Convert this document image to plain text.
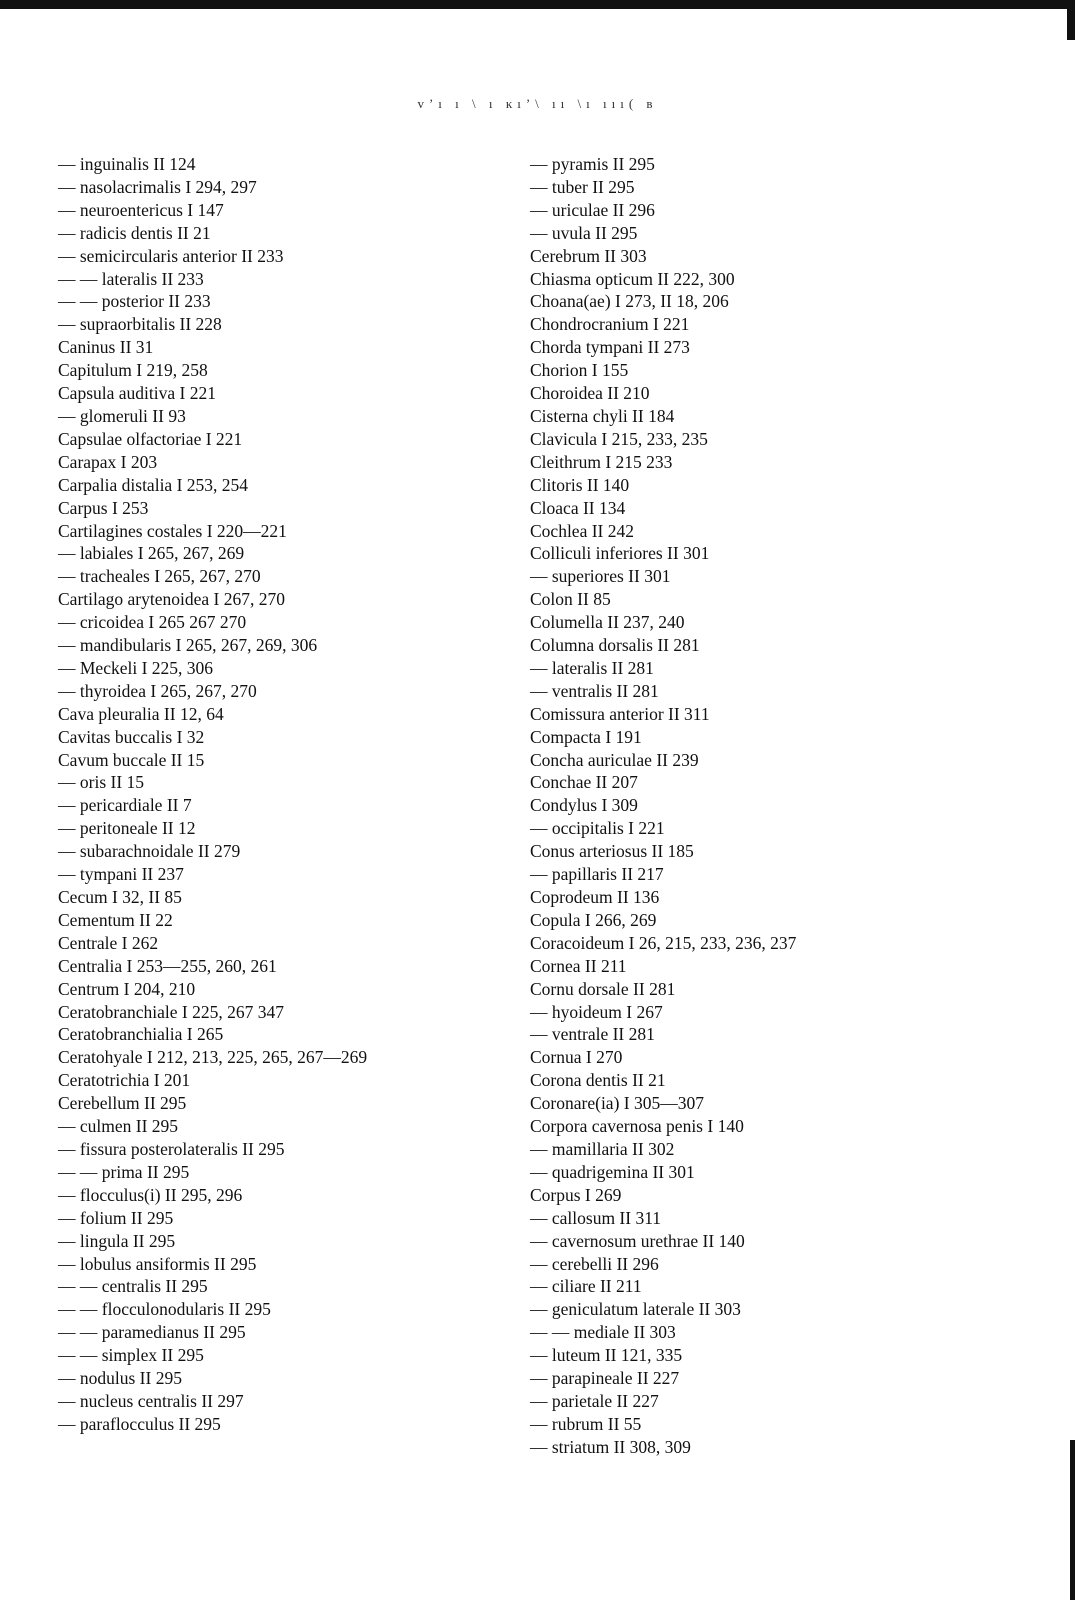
ᴠ’ı ı \ ı ĸı’\ ıı \ı ııı( ʙ
— inguinalis II 124
— nasolacrimalis I 294, 297
— neuroentericus I 147
— radicis dentis II 21
— semicircularis anterior II 233
— — lateralis II 233
— — posterior II 233
— supraorbitalis II 228
Caninus II 31
Capitulum I 219, 258
Capsula auditiva I 221
— glomeruli II 93
Capsulae olfactoriae I 221
Carapax I 203
Carpalia distalia I 253, 254
Carpus I 253
Cartilagines costales I 220—221
— labiales I 265, 267, 269
— tracheales I 265, 267, 270
Cartilago arytenoidea I 267, 270
— cricoidea I 265 267 270
— mandibularis I 265, 267, 269, 306
— Meckeli I 225, 306
— thyroidea I 265, 267, 270
Cava pleuralia II 12, 64
Cavitas buccalis I 32
Cavum buccale II 15
— oris II 15
— pericardiale II 7
— peritoneale II 12
— subarachnoidale II 279
— tympani II 237
Cecum I 32, II 85
Cementum II 22
Centrale I 262
Centralia I 253—255, 260, 261
Centrum I 204, 210
Ceratobranchiale I 225, 267 347
Ceratobranchialia I 265
Ceratohyale I 212, 213, 225, 265, 267—269
Ceratotrichia I 201
Cerebellum II 295
— culmen II 295
— fissura posterolateralis II 295
— — prima II 295
— flocculus(i) II 295, 296
— folium II 295
— lingula II 295
— lobulus ansiformis II 295
— — centralis II 295
— — flocculonodularis II 295
— — paramedianus II 295
— — simplex II 295
— nodulus II 295
— nucleus centralis II 297
— paraflocculus II 295
— pyramis II 295
— tuber II 295
— uriculae II 296
— uvula II 295
Cerebrum II 303
Chiasma opticum II 222, 300
Choana(ae) I 273, II 18, 206
Chondrocranium I 221
Chorda tympani II 273
Chorion I 155
Choroidea II 210
Cisterna chyli II 184
Clavicula I 215, 233, 235
Cleithrum I 215 233
Clitoris II 140
Cloaca II 134
Cochlea II 242
Colliculi inferiores II 301
— superiores II 301
Colon II 85
Columella II 237, 240
Columna dorsalis II 281
— lateralis II 281
— ventralis II 281
Comissura anterior II 311
Compacta I 191
Concha auriculae II 239
Conchae II 207
Condylus I 309
— occipitalis I 221
Conus arteriosus II 185
— papillaris II 217
Coprodeum II 136
Copula I 266, 269
Coracoideum I 26, 215, 233, 236, 237
Cornea II 211
Cornu dorsale II 281
— hyoideum I 267
— ventrale II 281
Cornua I 270
Corona dentis II 21
Coronare(ia) I 305—307
Corpora cavernosa penis I 140
— mamillaria II 302
— quadrigemina II 301
Corpus I 269
— callosum II 311
— cavernosum urethrae II 140
— cerebelli II 296
— ciliare II 211
— geniculatum laterale II 303
— — mediale II 303
— luteum II 121, 335
— parapineale II 227
— parietale II 227
— rubrum II 55
— striatum II 308, 309
